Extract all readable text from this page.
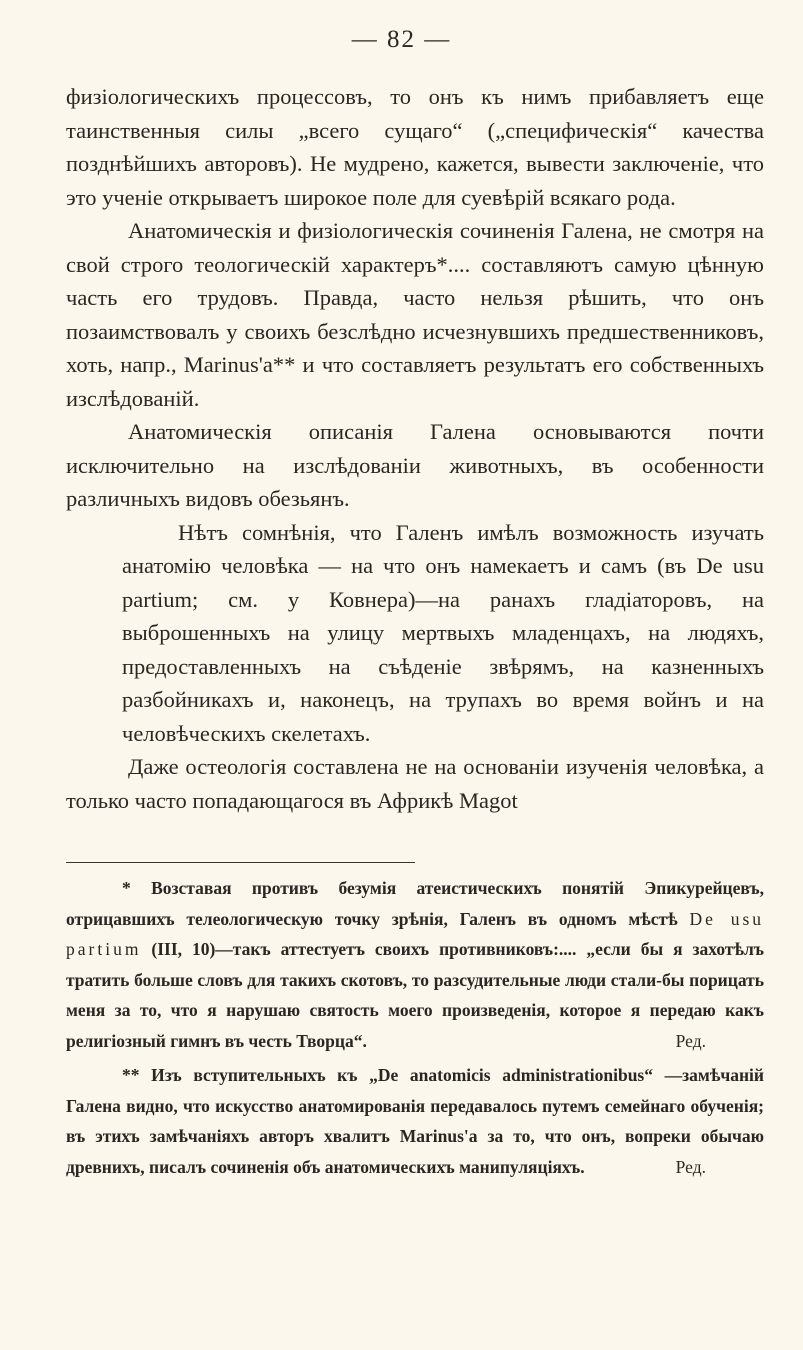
— 82 —

физiологическихъ процессовъ, то онъ къ нимъ прибавляетъ еще таинственныя силы „всего сущаго“ („специфическiя“ качества позднѣйшихъ авторовъ). Не мудрено, кажется, вывести заключенiе, что это ученiе открываетъ широкое поле для суевѣрiй всякаго рода.

Анатомическiя и физiологическiя сочиненiя Галена, не смотря на свой строго теологическiй характеръ*.... составляютъ самую цѣнную часть его трудовъ. Правда, часто нельзя рѣшить, что онъ позаимствовалъ у своихъ безслѣдно исчезнувшихъ предшественниковъ, хоть, напр., Marinus'а** и что составляетъ результатъ его собственныхъ изслѣдованiй.

Анатомическiя описанiя Галена основываются почти исключительно на изслѣдованiи животныхъ, въ особенности различныхъ видовъ обезьянъ.

Нѣтъ сомнѣнiя, что Галенъ имѣлъ возможность изучать анатомiю человѣка — на что онъ намекаетъ и самъ (въ De usu partium; см. у Ковнера)—на ранахъ гладiаторовъ, на выброшенныхъ на улицу мертвыхъ младенцахъ, на людяхъ, предоставленныхъ на съѣденiе звѣрямъ, на казненныхъ разбойникахъ и, наконецъ, на трупахъ во время войнъ и на человѣческихъ скелетахъ.

Даже остеологiя составлена не на основанiи изученiя человѣка, а только часто попадающагося въ Африкѣ Magot

* Возставая противъ безумiя атеистическихъ понятiй Эпикурейцевъ, отрицавшихъ телеологическую точку зрѣнiя, Галенъ въ одномъ мѣстѣ De usu partium (III, 10)—такъ аттестуетъ своихъ противниковъ:.... „если бы я захотѣлъ тратить больше словъ для такихъ скотовъ, то разсудительные люди стали-бы порицать меня за то, что я нарушаю святость моего произведенiя, которое я передаю какъ религiозный гимнъ въ честь Творца“.	Ред.

** Изъ вступительныхъ къ „De anatomicis administrationibus“ —замѣчанiй Галена видно, что искусство анатомированiя передавалось путемъ семейнаго обученiя; въ этихъ замѣчанiяхъ авторъ хвалитъ Marinus'а за то, что онъ, вопреки обычаю древнихъ, писалъ сочиненiя объ анатомическихъ манипуляцiяхъ.	Ред.
